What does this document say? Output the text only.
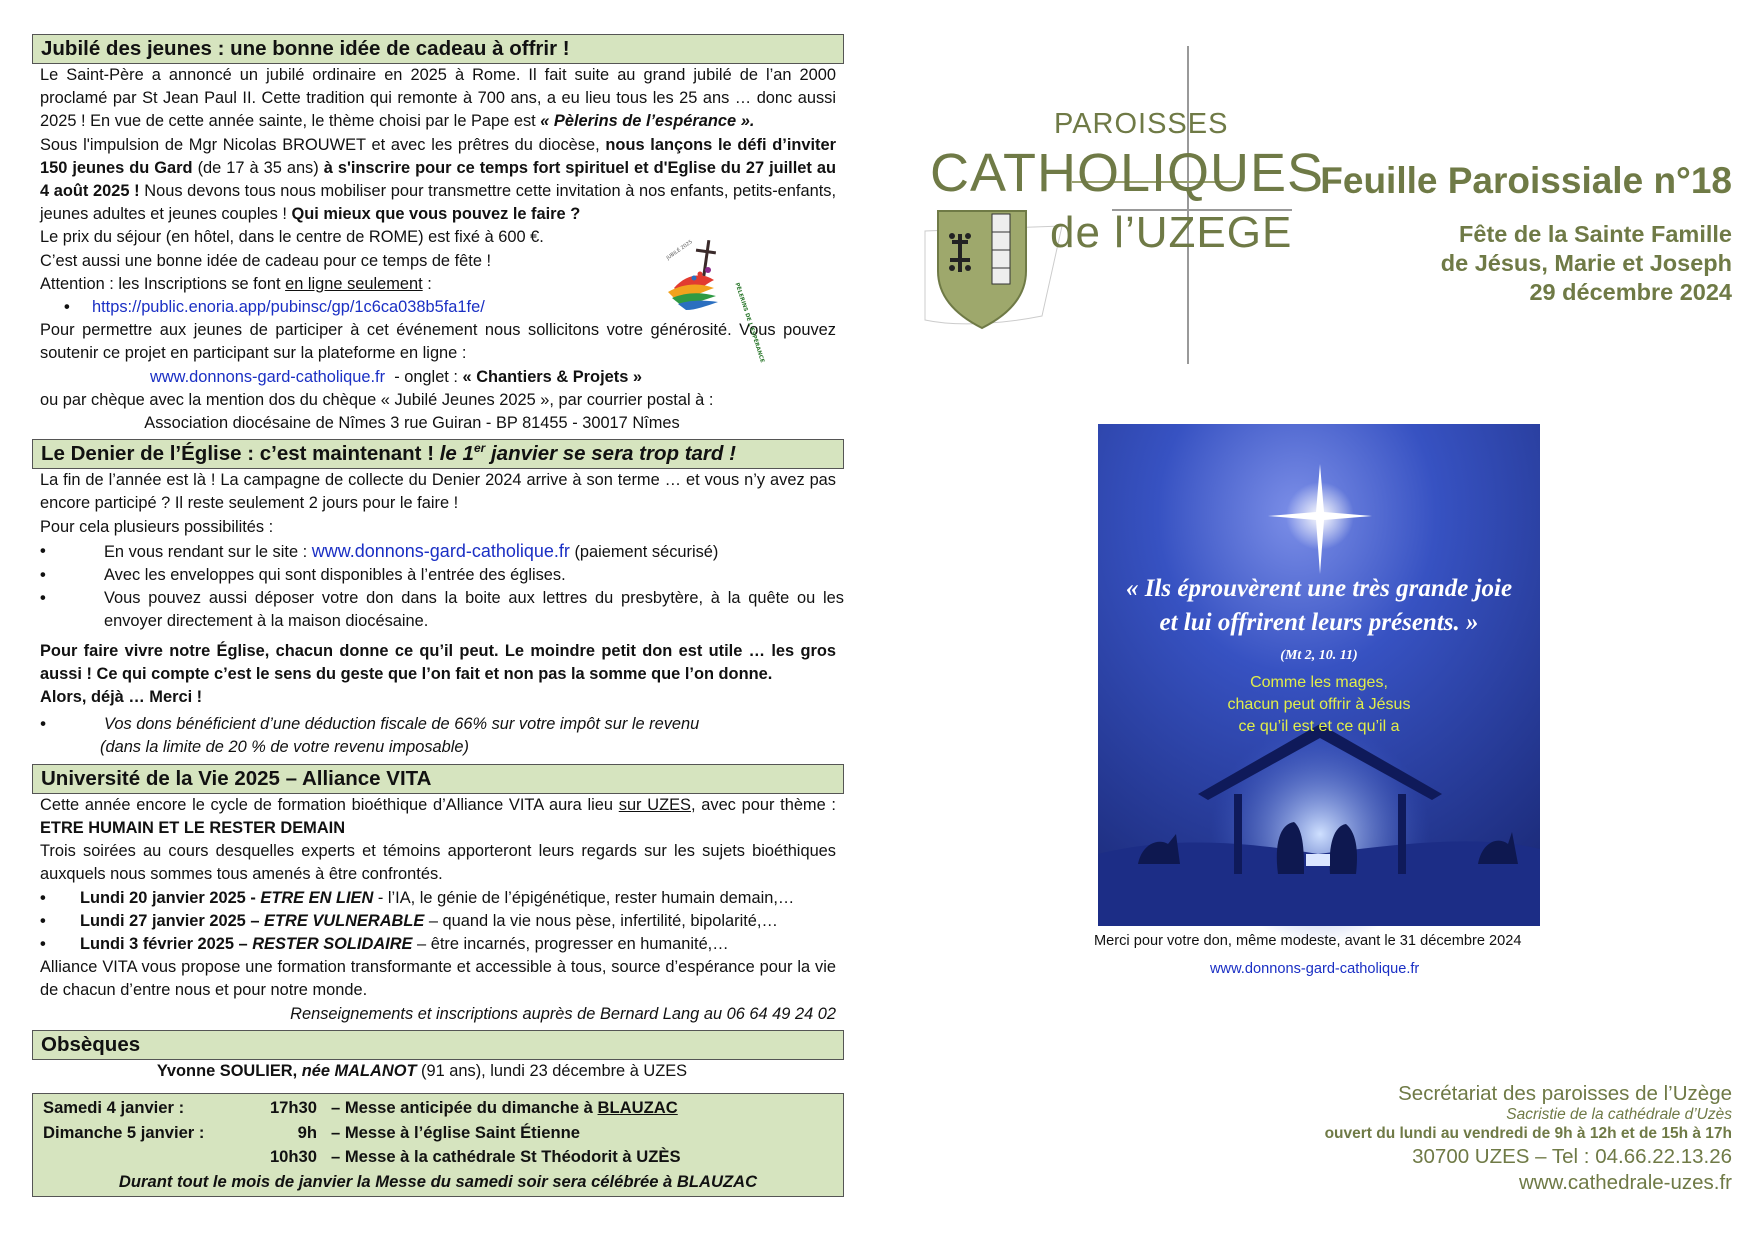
Jubilé des jeunes : une bonne idée de cadeau à offrir !
Le Saint-Père a annoncé un jubilé ordinaire en 2025 à Rome. Il fait suite au grand jubilé de l’an 2000 proclamé par St Jean Paul II. Cette tradition qui remonte à 700 ans, a eu lieu tous les 25 ans … donc aussi 2025 ! En vue de cette année sainte, le thème choisi par le Pape est « Pèlerins de l’espérance ».
Sous l'impulsion de Mgr Nicolas BROUWET et avec les prêtres du diocèse, nous lançons le défi d’inviter 150 jeunes du Gard (de 17 à 35 ans) à s'inscrire pour ce temps fort spirituel et d'Eglise du 27 juillet au 4 août 2025 ! Nous devons tous nous mobiliser pour transmettre cette invitation à nos enfants, petits-enfants, jeunes adultes et jeunes couples ! Qui mieux que vous pouvez le faire ?
Le prix du séjour (en hôtel, dans le centre de ROME) est fixé à 600 €.
C’est aussi une bonne idée de cadeau pour ce temps de fête !
Attention : les Inscriptions se font en ligne seulement :
• https://public.enoria.app/pubinsc/gp/1c6ca038b5fa1fe/
Pour permettre aux jeunes de participer à cet événement nous sollicitons votre générosité. Vous pouvez soutenir ce projet en participant sur la plateforme en ligne :
www.donnons-gard-catholique.fr - onglet : « Chantiers & Projets »
ou par chèque avec la mention dos du chèque « Jubilé Jeunes 2025 », par courrier postal à :
Association diocésaine de Nîmes 3 rue Guiran - BP 81455 - 30017 Nîmes
Le Denier de l’Église : c’est maintenant ! le 1er janvier se sera trop tard !
La fin de l’année est là ! La campagne de collecte du Denier 2024 arrive à son terme … et vous n’y avez pas encore participé ? Il reste seulement 2 jours pour le faire !
Pour cela plusieurs possibilités :
• En vous rendant sur le site : www.donnons-gard-catholique.fr (paiement sécurisé)
• Avec les enveloppes qui sont disponibles à l’entrée des églises.
• Vous pouvez aussi déposer votre don dans la boite aux lettres du presbytère, à la quête ou les envoyer directement à la maison diocésaine.
Pour faire vivre notre Église, chacun donne ce qu’il peut. Le moindre petit don est utile … les gros aussi ! Ce qui compte c’est le sens du geste que l’on fait et non pas la somme que l’on donne.
Alors, déjà … Merci !
• Vos dons bénéficient d’une déduction fiscale de 66% sur votre impôt sur le revenu
(dans la limite de 20 % de votre revenu imposable)
Université de la Vie 2025 – Alliance VITA
Cette année encore le cycle de formation bioéthique d’Alliance VITA aura lieu sur UZES, avec pour thème : ETRE HUMAIN ET LE RESTER DEMAIN
Trois soirées au cours desquelles experts et témoins apporteront leurs regards sur les sujets bioéthiques auxquels nous sommes tous amenés à être confrontés.
• Lundi 20 janvier 2025 - ETRE EN LIEN - l’IA, le génie de l’épigénétique, rester humain demain,…
• Lundi 27 janvier 2025 – ETRE VULNERABLE – quand la vie nous pèse, infertilité, bipolarité,…
• Lundi 3 février 2025 – RESTER SOLIDAIRE – être incarnés, progresser en humanité,…
Alliance VITA vous propose une formation transformante et accessible à tous, source d’espérance pour la vie de chacun d’entre nous et pour notre monde.
Renseignements et inscriptions auprès de Bernard Lang au 06 64 49 24 02
Obsèques
Yvonne SOULIER, née MALANOT (91 ans), lundi 23 décembre à UZES
Samedi 4 janvier :	17h30 – Messe anticipée du dimanche à BLAUZAC
Dimanche 5 janvier :	9h – Messe à l’église Saint Étienne
10h30 – Messe à la cathédrale St Théodorit à UZÈS
Durant tout le mois de janvier la Messe du samedi soir sera célébrée à BLAUZAC
JUBILÉ 2025
PÈLERINS DE L'ESPÉRANCE
PAROISSES
CATHOLIQUES
de l’UZEGE
Feuille Paroissiale n°18
Fête de la Sainte Famille
de Jésus, Marie et Joseph
29 décembre 2024
« Ils éprouvèrent une très grande joie
et lui offrirent leurs présents. »
(Mt 2, 10. 11)
Comme les mages,
chacun peut offrir à Jésus
ce qu’il est et ce qu’il a
Merci pour votre don, même modeste, avant le 31 décembre 2024
www.donnons-gard-catholique.fr
Secrétariat des paroisses de l’Uzège
Sacristie de la cathédrale d’Uzès
ouvert du lundi au vendredi de 9h à 12h et de 15h à 17h
30700 UZES – Tel : 04.66.22.13.26
www.cathedrale-uzes.fr
